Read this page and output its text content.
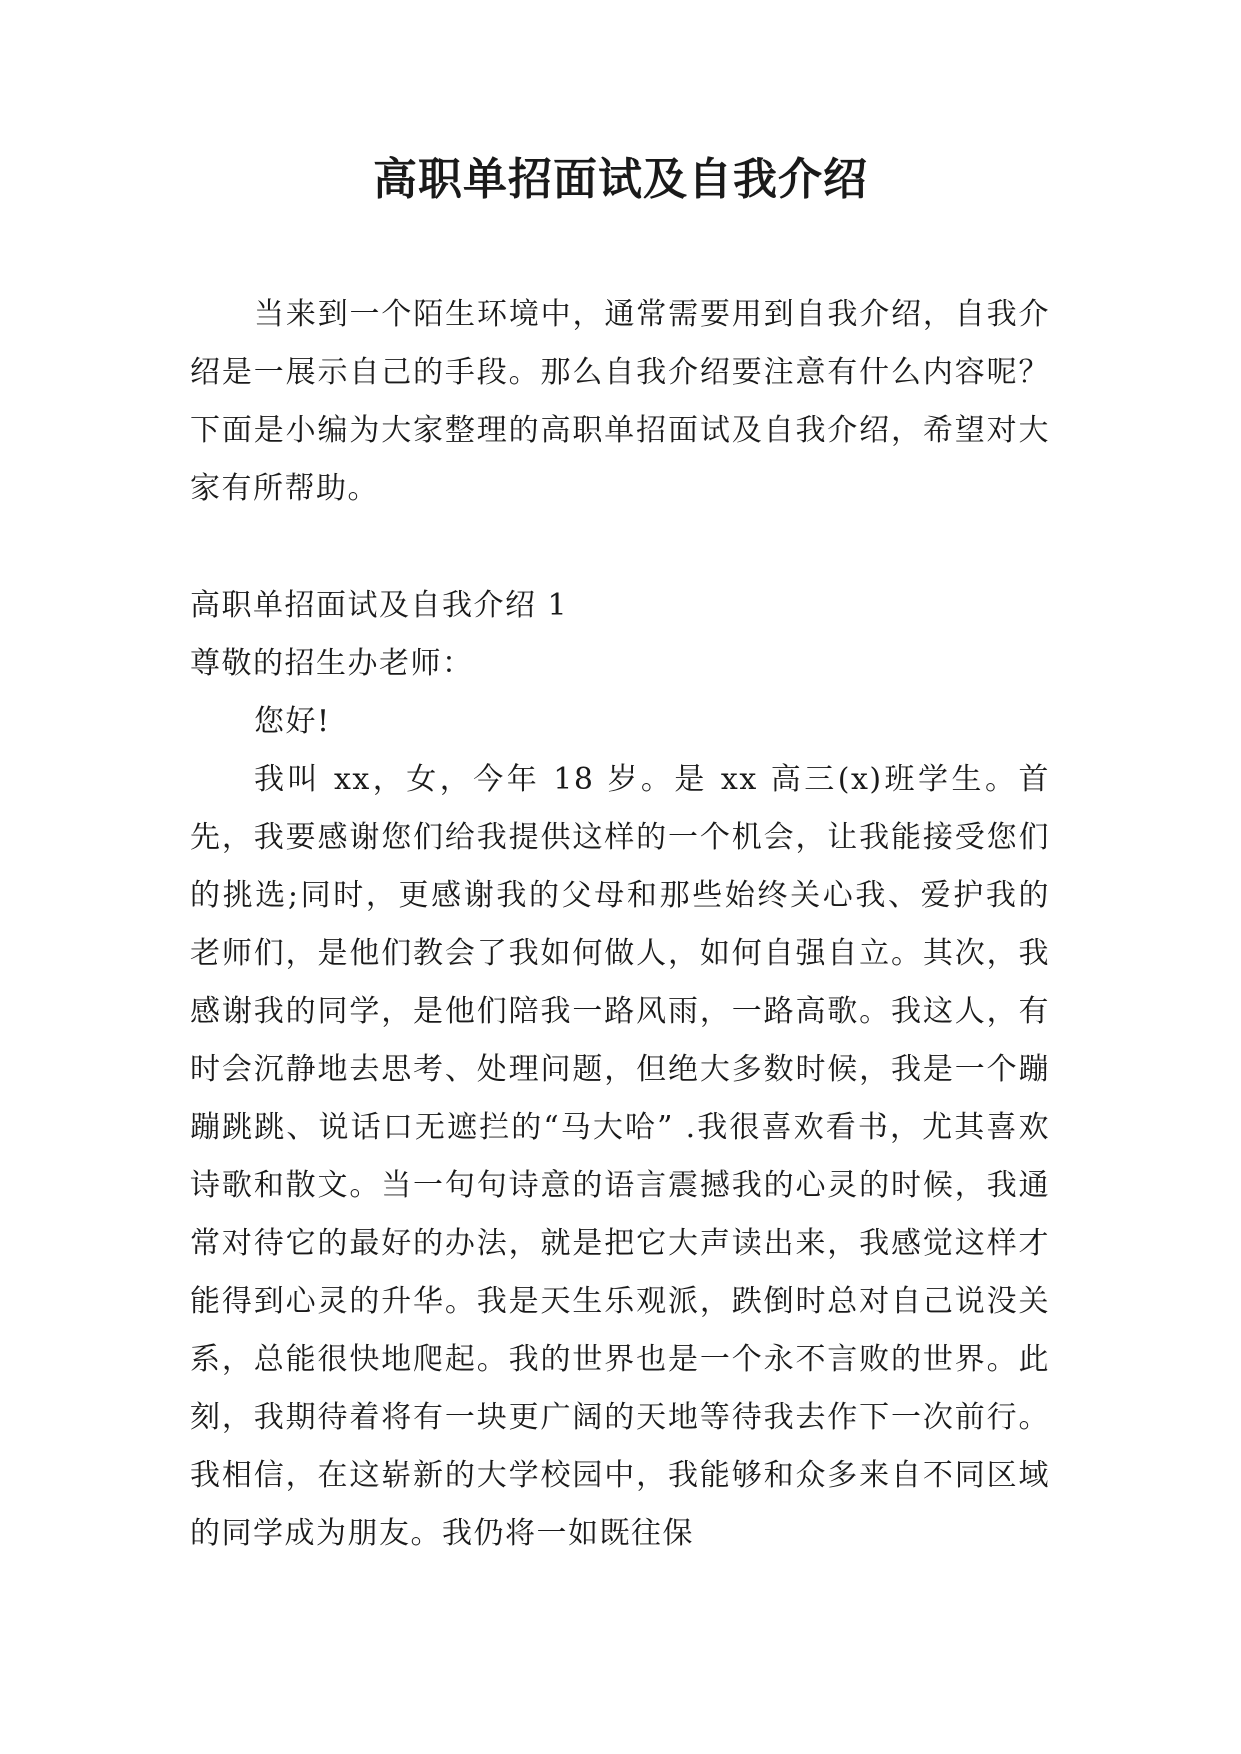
高职单招面试及自我介绍
当来到一个陌生环境中，通常需要用到自我介绍，自我介绍是一展示自己的手段。那么自我介绍要注意有什么内容呢？下面是小编为大家整理的高职单招面试及自我介绍，希望对大家有所帮助。
高职单招面试及自我介绍 1
尊敬的招生办老师：
您好!
我叫 xx，女，今年 18 岁。是 xx 高三(x)班学生。首先，我要感谢您们给我提供这样的一个机会，让我能接受您们的挑选;同时，更感谢我的父母和那些始终关心我、爱护我的老师们，是他们教会了我如何做人，如何自强自立。其次，我感谢我的同学，是他们陪我一路风雨，一路高歌。我这人，有时会沉静地去思考、处理问题，但绝大多数时候，我是一个蹦蹦跳跳、说话口无遮拦的“马大哈” .我很喜欢看书，尤其喜欢诗歌和散文。当一句句诗意的语言震撼我的心灵的时候，我通常对待它的最好的办法，就是把它大声读出来，我感觉这样才能得到心灵的升华。我是天生乐观派，跌倒时总对自己说没关系，总能很快地爬起。我的世界也是一个永不言败的世界。此刻，我期待着将有一块更广阔的天地等待我去作下一次前行。我相信，在这崭新的大学校园中，我能够和众多来自不同区域的同学成为朋友。我仍将一如既往保
